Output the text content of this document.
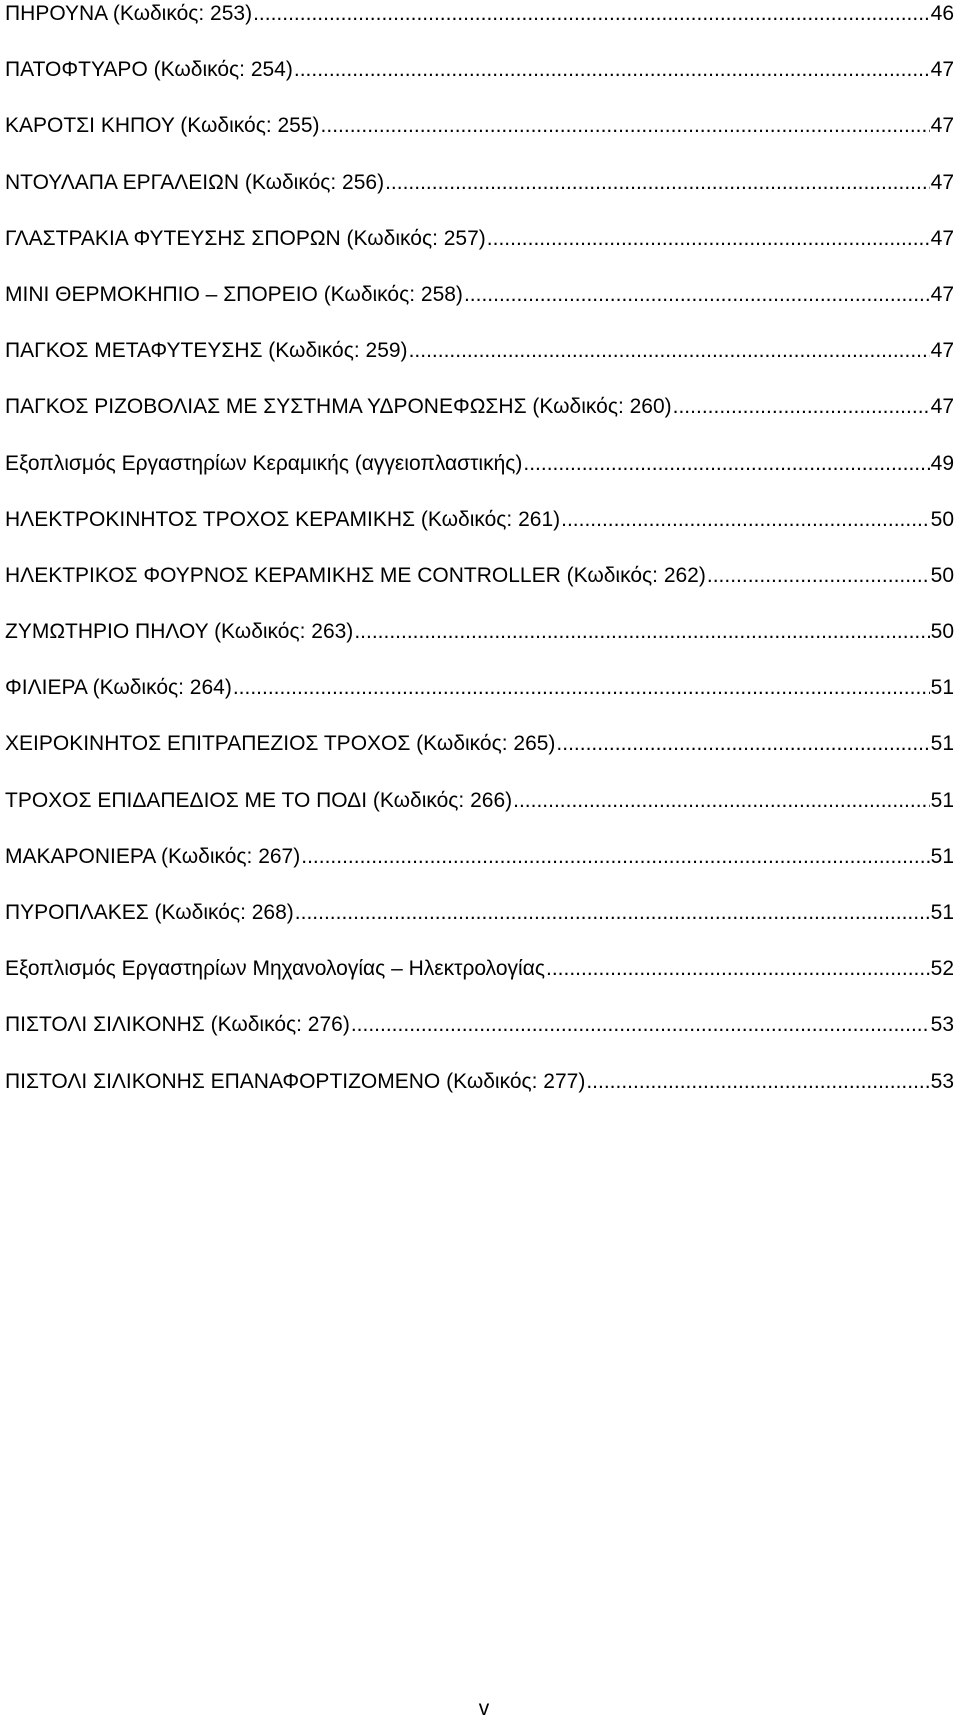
ΠΗΡΟΥΝΑ (Κωδικός: 253) .....	46
ΠΑΤΟΦΤΥΑΡΟ (Κωδικός: 254) .....	47
ΚΑΡΟΤΣΙ ΚΗΠΟΥ (Κωδικός: 255) .....	47
ΝΤΟΥΛΑΠΑ ΕΡΓΑΛΕΙΩΝ (Κωδικός: 256) .....	47
ΓΛΑΣΤΡΑΚΙΑ ΦΥΤΕΥΣΗΣ ΣΠΟΡΩΝ (Κωδικός: 257) .....	47
ΜΙΝΙ ΘΕΡΜΟΚΗΠΙΟ – ΣΠΟΡΕΙΟ (Κωδικός: 258) .....	47
ΠΑΓΚΟΣ ΜΕΤΑΦΥΤΕΥΣΗΣ (Κωδικός: 259) .....	47
ΠΑΓΚΟΣ ΡΙΖΟΒΟΛΙΑΣ ΜΕ ΣΥΣΤΗΜΑ ΥΔΡΟΝΕΦΩΣΗΣ (Κωδικός: 260) .....	47
Εξοπλισμός Εργαστηρίων Κεραμικής (αγγειοπλαστικής) .....	49
ΗΛΕΚΤΡΟΚΙΝΗΤΟΣ ΤΡΟΧΟΣ ΚΕΡΑΜΙΚΗΣ (Κωδικός: 261) .....	50
ΗΛΕΚΤΡΙΚΟΣ ΦΟΥΡΝΟΣ ΚΕΡΑΜΙΚΗΣ ΜΕ CONTROLLER (Κωδικός: 262) .....	50
ΖΥΜΩΤΗΡΙΟ ΠΗΛΟΥ (Κωδικός: 263) .....	50
ΦΙΛΙΕΡΑ (Κωδικός: 264) .....	51
ΧΕΙΡΟΚΙΝΗΤΟΣ ΕΠΙΤΡΑΠΕΖΙΟΣ ΤΡΟΧΟΣ (Κωδικός: 265) .....	51
ΤΡΟΧΟΣ ΕΠΙΔΑΠΕΔΙΟΣ ΜΕ ΤΟ ΠΟΔΙ (Κωδικός: 266) .....	51
ΜΑΚΑΡΟΝΙΕΡΑ (Κωδικός: 267) .....	51
ΠΥΡΟΠΛΑΚΕΣ (Κωδικός: 268) .....	51
Εξοπλισμός Εργαστηρίων Μηχανολογίας – Ηλεκτρολογίας .....	52
ΠΙΣΤΟΛΙ ΣΙΛΙΚΟΝΗΣ (Κωδικός: 276) .....	53
ΠΙΣΤΟΛΙ ΣΙΛΙΚΟΝΗΣ ΕΠΑΝΑΦΟΡΤΙΖΟΜΕΝΟ (Κωδικός: 277) .....	53
v
